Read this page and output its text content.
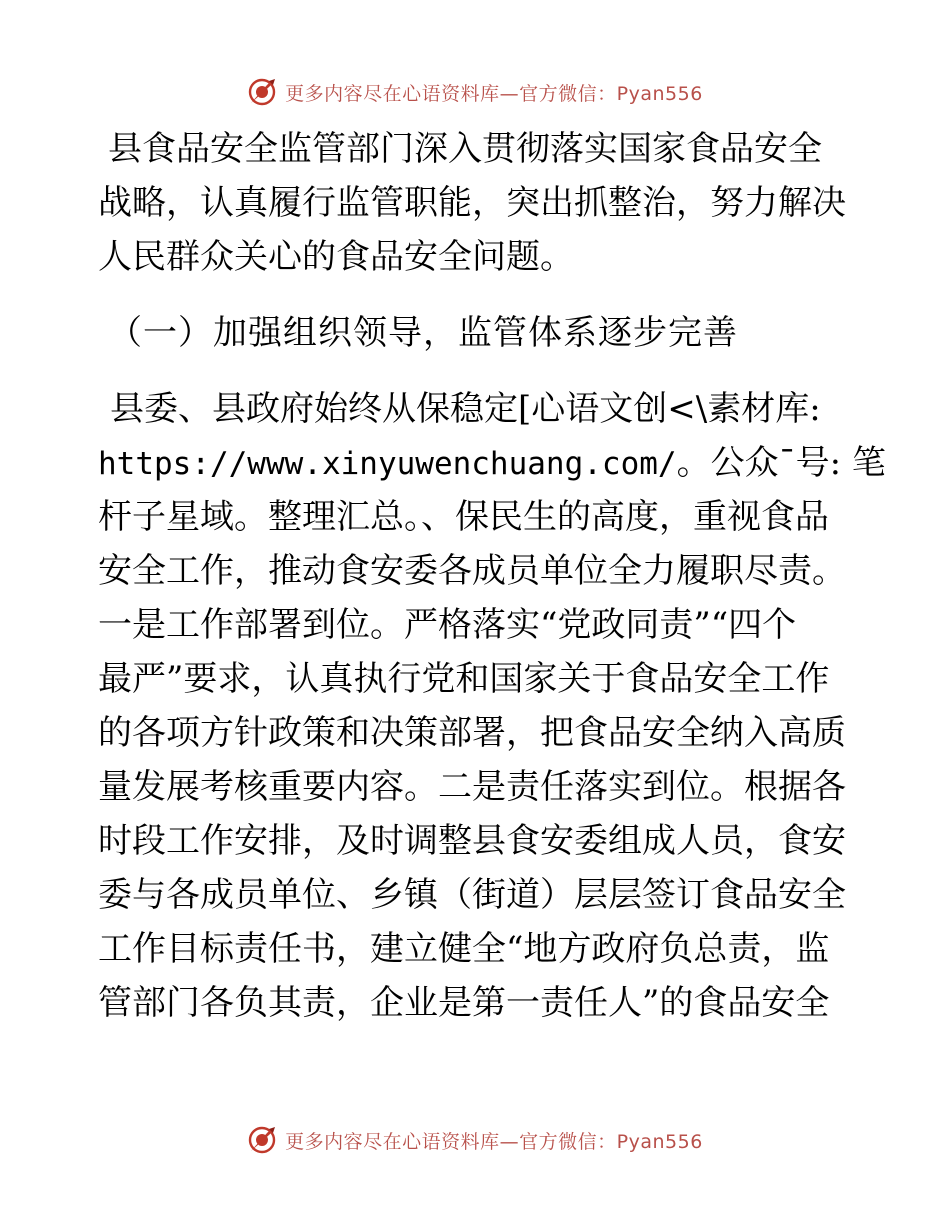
更多内容尽在心语资料库—官方微信：Pyan556
县食品安全监管部门深入贯彻落实国家食品安全
战略，认真履行监管职能，突出抓整治，努力解决
人民群众关心的食品安全问题。
（一）加强组织领导，监管体系逐步完善
县委、县政府始终从保稳定[心语文创<\素材库:
https://www.xinyuwenchuang.com/。公众¯号: 笔
杆子星域。整理汇总。、保民生的高度，重视食品
安全工作，推动食安委各成员单位全力履职尽责。
一是工作部署到位。严格落实“党政同责”“四个
最严”要求，认真执行党和国家关于食品安全工作
的各项方针政策和决策部署，把食品安全纳入高质
量发展考核重要内容。二是责任落实到位。根据各
时段工作安排，及时调整县食安委组成人员，食安
委与各成员单位、乡镇（街道）层层签订食品安全
工作目标责任书，建立健全“地方政府负总责，监
管部门各负其责，企业是第一责任人”的食品安全
更多内容尽在心语资料库—官方微信：Pyan556
